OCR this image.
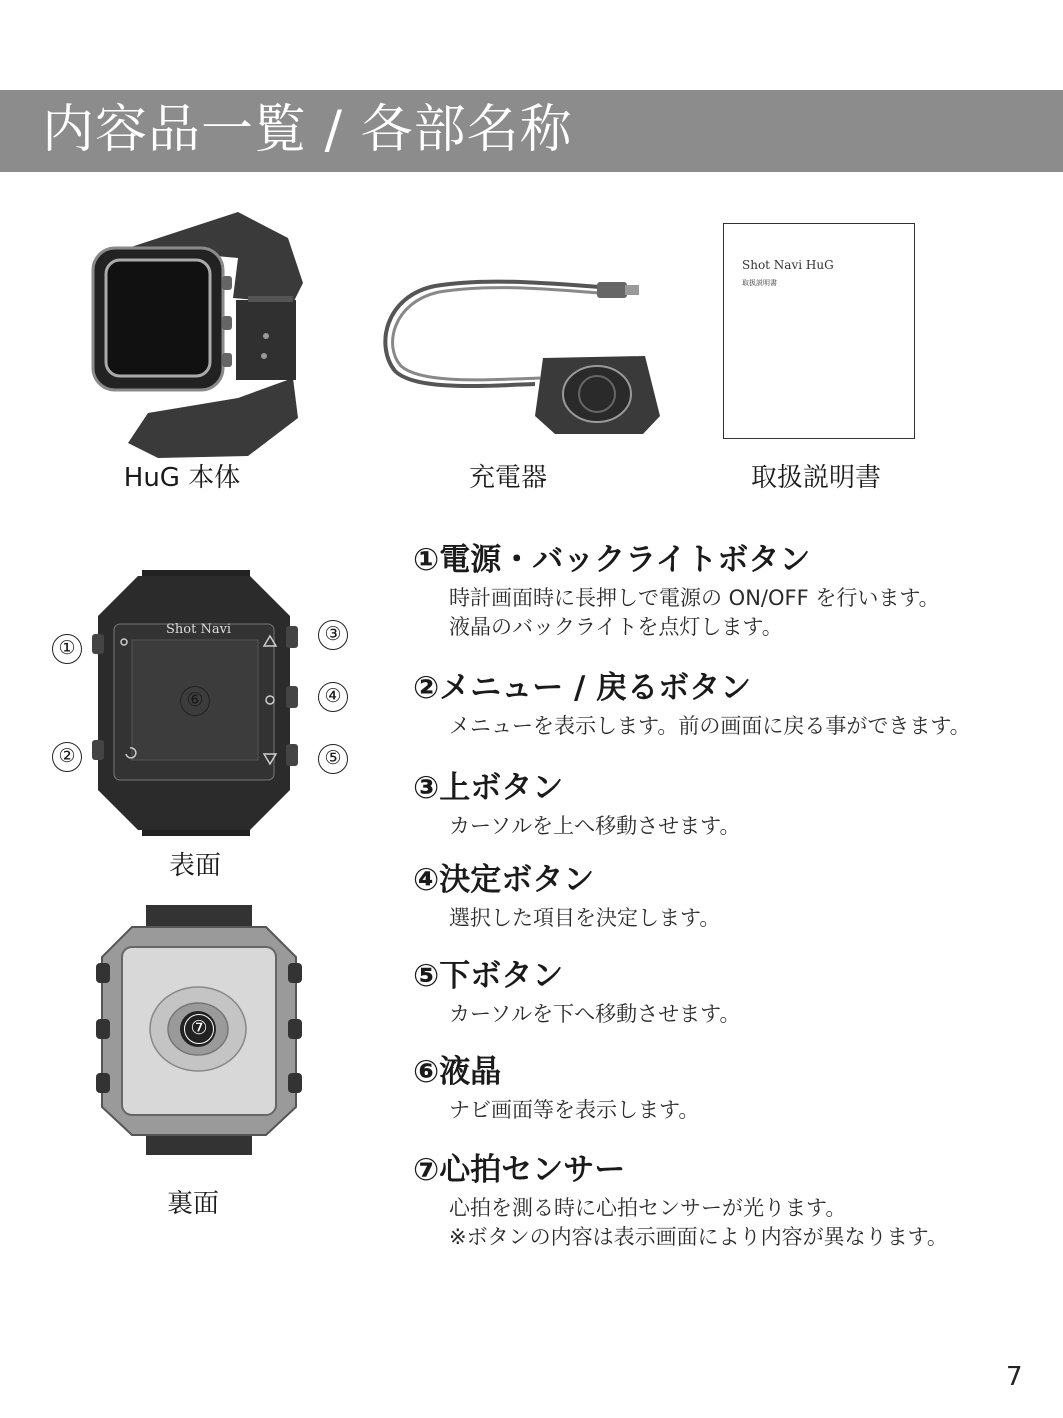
内容品一覧 / 各部名称
HuG 本体	充電器
Shot Navi HuG
取扱説明書
取扱説明書
Shot Navi
①
②
③
④
⑤
⑥
表面
⑦
裏面
①電源・バックライトボタン
時計画面時に長押しで電源の ON/OFF を行います。
液晶のバックライトを点灯します。
②メニュー / 戻るボタン
メニューを表示します。前の画面に戻る事ができます。
③上ボタン
カーソルを上へ移動させます。
④決定ボタン
選択した項目を決定します。
⑤下ボタン
カーソルを下へ移動させます。
⑥液晶
ナビ画面等を表示します。
⑦心拍センサー
心拍を測る時に心拍センサーが光ります。
※ボタンの内容は表示画面により内容が異なります。
7
